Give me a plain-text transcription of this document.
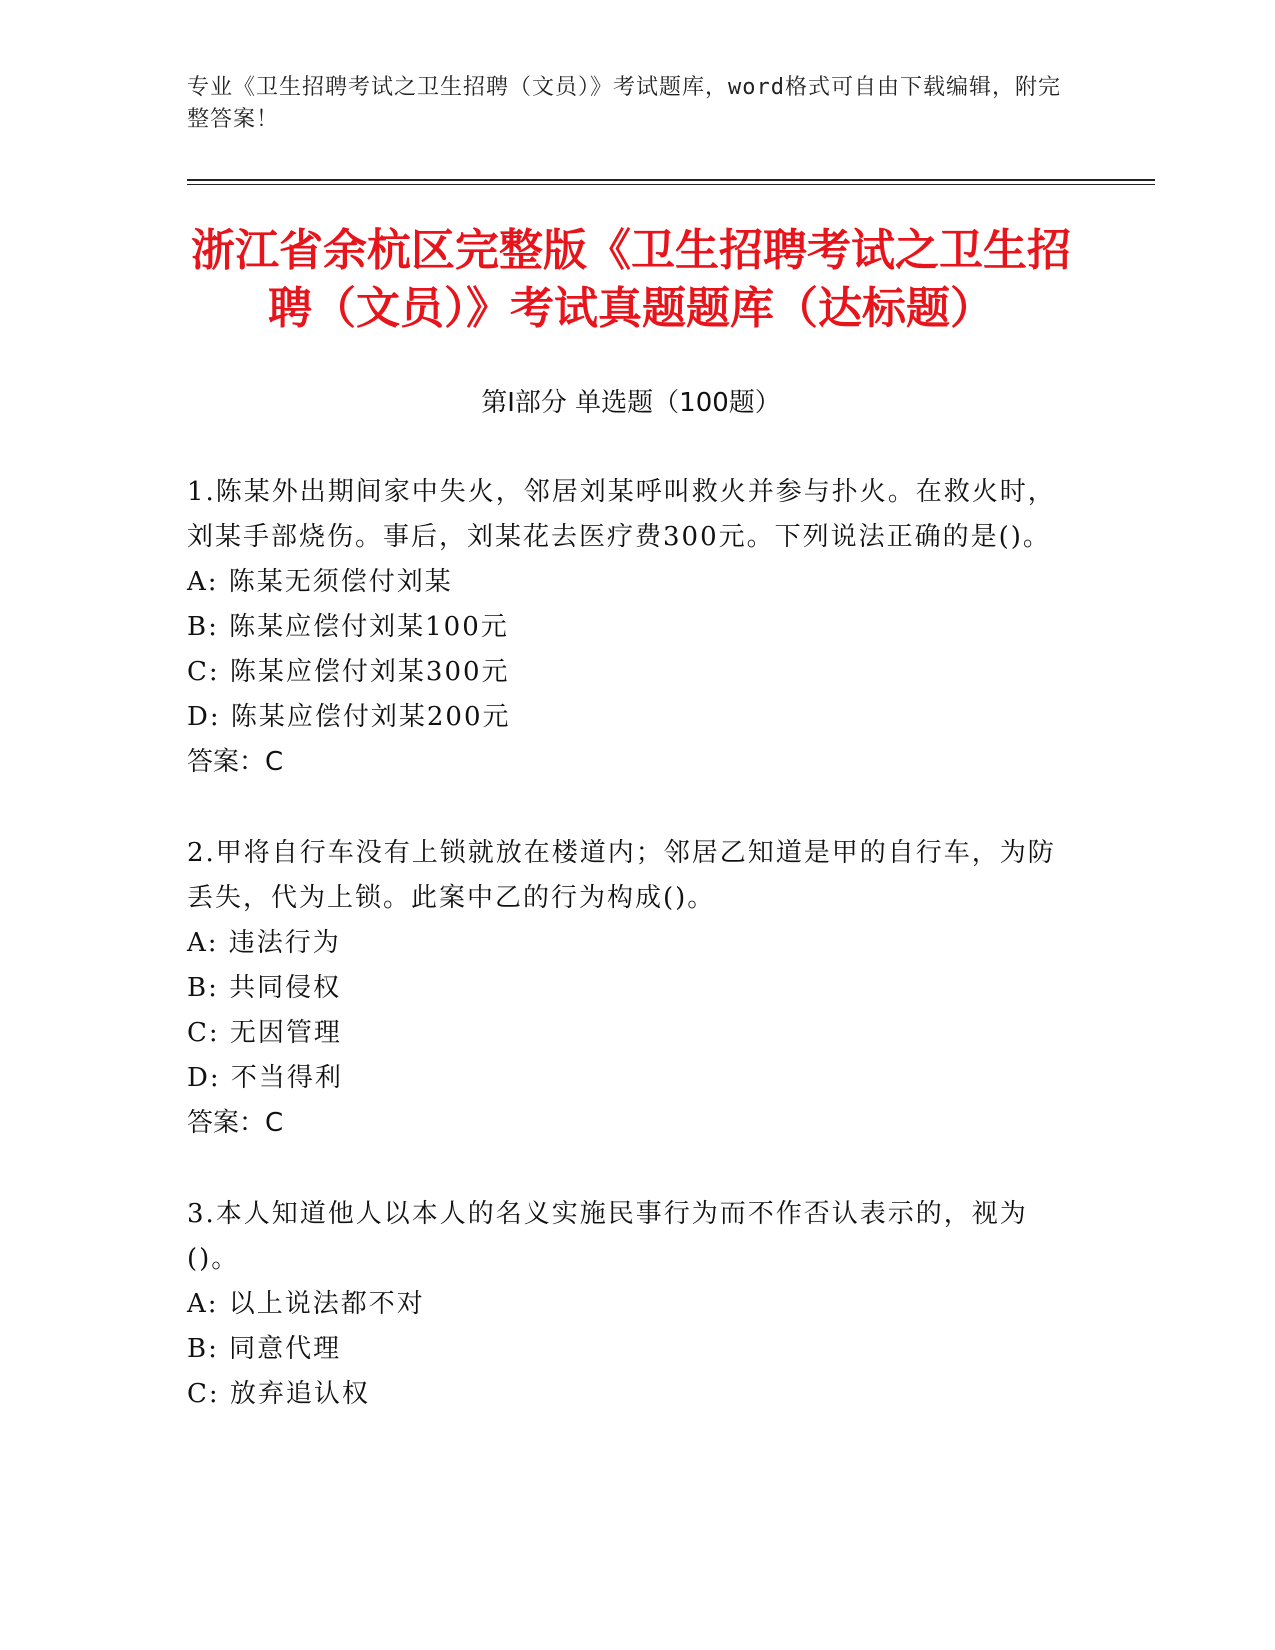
专业《卫生招聘考试之卫生招聘（文员）》考试题库，word格式可自由下载编辑，附完整答案！
浙江省余杭区完整版《卫生招聘考试之卫生招聘（文员）》考试真题题库（达标题）
第Ⅰ部分 单选题（100题）

1.陈某外出期间家中失火，邻居刘某呼叫救火并参与扑火。在救火时，刘某手部烧伤。事后，刘某花去医疗费300元。下列说法正确的是()。

A: 陈某无须偿付刘某

B: 陈某应偿付刘某100元

C: 陈某应偿付刘某300元

D: 陈某应偿付刘某200元

答案：C

2.甲将自行车没有上锁就放在楼道内；邻居乙知道是甲的自行车，为防丢失，代为上锁。此案中乙的行为构成()。

A: 违法行为

B: 共同侵权

C: 无因管理

D: 不当得利

答案：C

3.本人知道他人以本人的名义实施民事行为而不作否认表示的，视为()。

A: 以上说法都不对

B: 同意代理

C: 放弃追认权
